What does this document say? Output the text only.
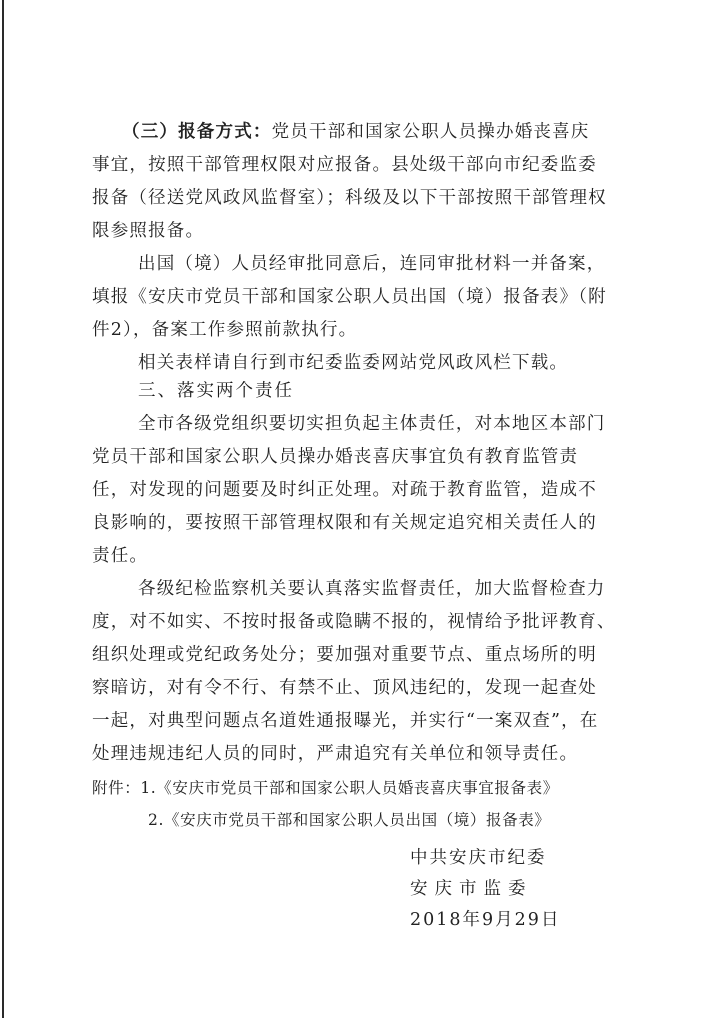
（三）报备方式：党员干部和国家公职人员操办婚丧喜庆
事宜，按照干部管理权限对应报备。县处级干部向市纪委监委
报备（径送党风政风监督室）；科级及以下干部按照干部管理权
限参照报备。
出国（境）人员经审批同意后，连同审批材料一并备案，
填报《安庆市党员干部和国家公职人员出国（境）报备表》（附
件2），备案工作参照前款执行。
相关表样请自行到市纪委监委网站党风政风栏下载。
三、落实两个责任
全市各级党组织要切实担负起主体责任，对本地区本部门
党员干部和国家公职人员操办婚丧喜庆事宜负有教育监管责
任，对发现的问题要及时纠正处理。对疏于教育监管，造成不
良影响的，要按照干部管理权限和有关规定追究相关责任人的
责任。
各级纪检监察机关要认真落实监督责任，加大监督检查力
度，对不如实、不按时报备或隐瞒不报的，视情给予批评教育、
组织处理或党纪政务处分；要加强对重要节点、重点场所的明
察暗访，对有令不行、有禁不止、顶风违纪的，发现一起查处
一起，对典型问题点名道姓通报曝光，并实行“一案双查”，在
处理违规违纪人员的同时，严肃追究有关单位和领导责任。
附件：1.《安庆市党员干部和国家公职人员婚丧喜庆事宜报备表》
2.《安庆市党员干部和国家公职人员出国（境）报备表》
中共安庆市纪委
安庆市监委
2018年9月29日
